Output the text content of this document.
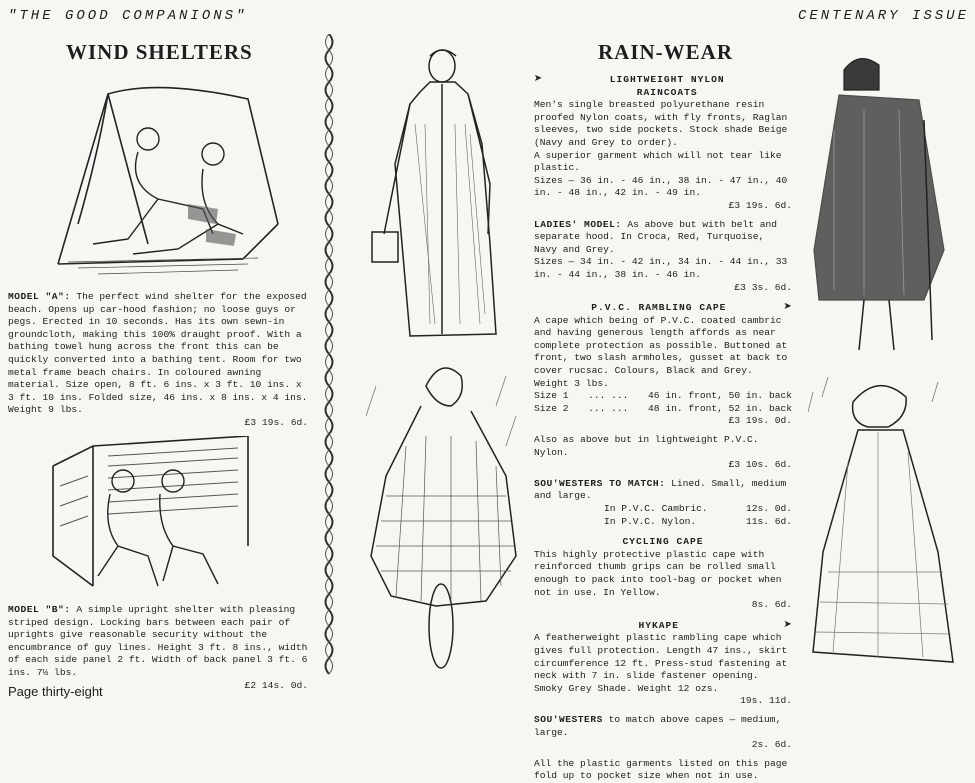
"THE GOOD COMPANIONS"	CENTENARY ISSUE
WIND SHELTERS

MODEL "A": The perfect wind shelter for the exposed beach. Opens up car-hood fashion; no loose guys or pegs. Erected in 10 seconds. Has its own sewn-in groundcloth, making this 100% draught proof. With a bathing towel hung across the front this can be quickly converted into a bathing tent. Room for two metal frame beach chairs. In coloured awning material. Size open, 8 ft. 6 ins. x 3 ft. 10 ins. x 3 ft. 10 ins. Folded size, 46 ins. x 8 ins. x 4 ins. Weight 9 lbs.

£3 19s. 6d.

MODEL "B": A simple upright shelter with pleasing striped design. Locking bars between each pair of uprights give reasonable security without the encumbrance of guy lines. Height 3 ft. 8 ins., width of each side panel 2 ft. Width of back panel 3 ft. 6 ins. 7½ lbs.

£2 14s. 0d.

Page thirty-eight
RAIN-WEAR
➤	LIGHTWEIGHT NYLON
RAINCOATS

Men's single breasted polyurethane resin proofed Nylon coats, with fly fronts, Raglan sleeves, two side pockets. Stock shade Beige (Navy and Grey to order).

A superior garment which will not tear like plastic.

Sizes — 36 in. - 46 in., 38 in. - 47 in., 40 in. - 48 in., 42 in. - 49 in.

£3 19s. 6d.

LADIES' MODEL: As above but with belt and separate hood. In Croca, Red, Turquoise, Navy and Grey.

Sizes — 34 in. - 42 in., 34 in. - 44 in., 33 in. - 44 in., 38 in. - 46 in.

£3 3s. 6d.

P.V.C. RAMBLING CAPE	➤

A cape which being of P.V.C. coated cambric and having generous length affords as near complete protection as possible. Buttoned at front, two slash armholes, gusset at back to cover rucsac. Colours, Black and Grey. Weight 3 lbs.

Size 1 ... ... 46 in. front, 50 in. back
Size 2 ... ... 48 in. front, 52 in. back

£3 19s. 0d.

Also as above but in lightweight P.V.C. Nylon.

£3 10s. 6d.

SOU'WESTERS TO MATCH: Lined. Small, medium and large.

In P.V.C. Cambric.	12s. 0d.
In P.V.C. Nylon.	11s. 6d.
CYCLING CAPE

This highly protective plastic cape with reinforced thumb grips can be rolled small enough to pack into tool-bag or pocket when not in use. In Yellow.

8s. 6d.

HYKAPE	➤

A featherweight plastic rambling cape which gives full protection. Length 47 ins., skirt circumference 12 ft. Press-stud fastening at neck with 7 in. slide fastener opening. Smoky Grey Shade. Weight 12 ozs.

19s. 11d.

SOU'WESTERS to match above capes — medium, large.

2s. 6d.

All the plastic garments listed on this page fold up to pocket size when not in use.
